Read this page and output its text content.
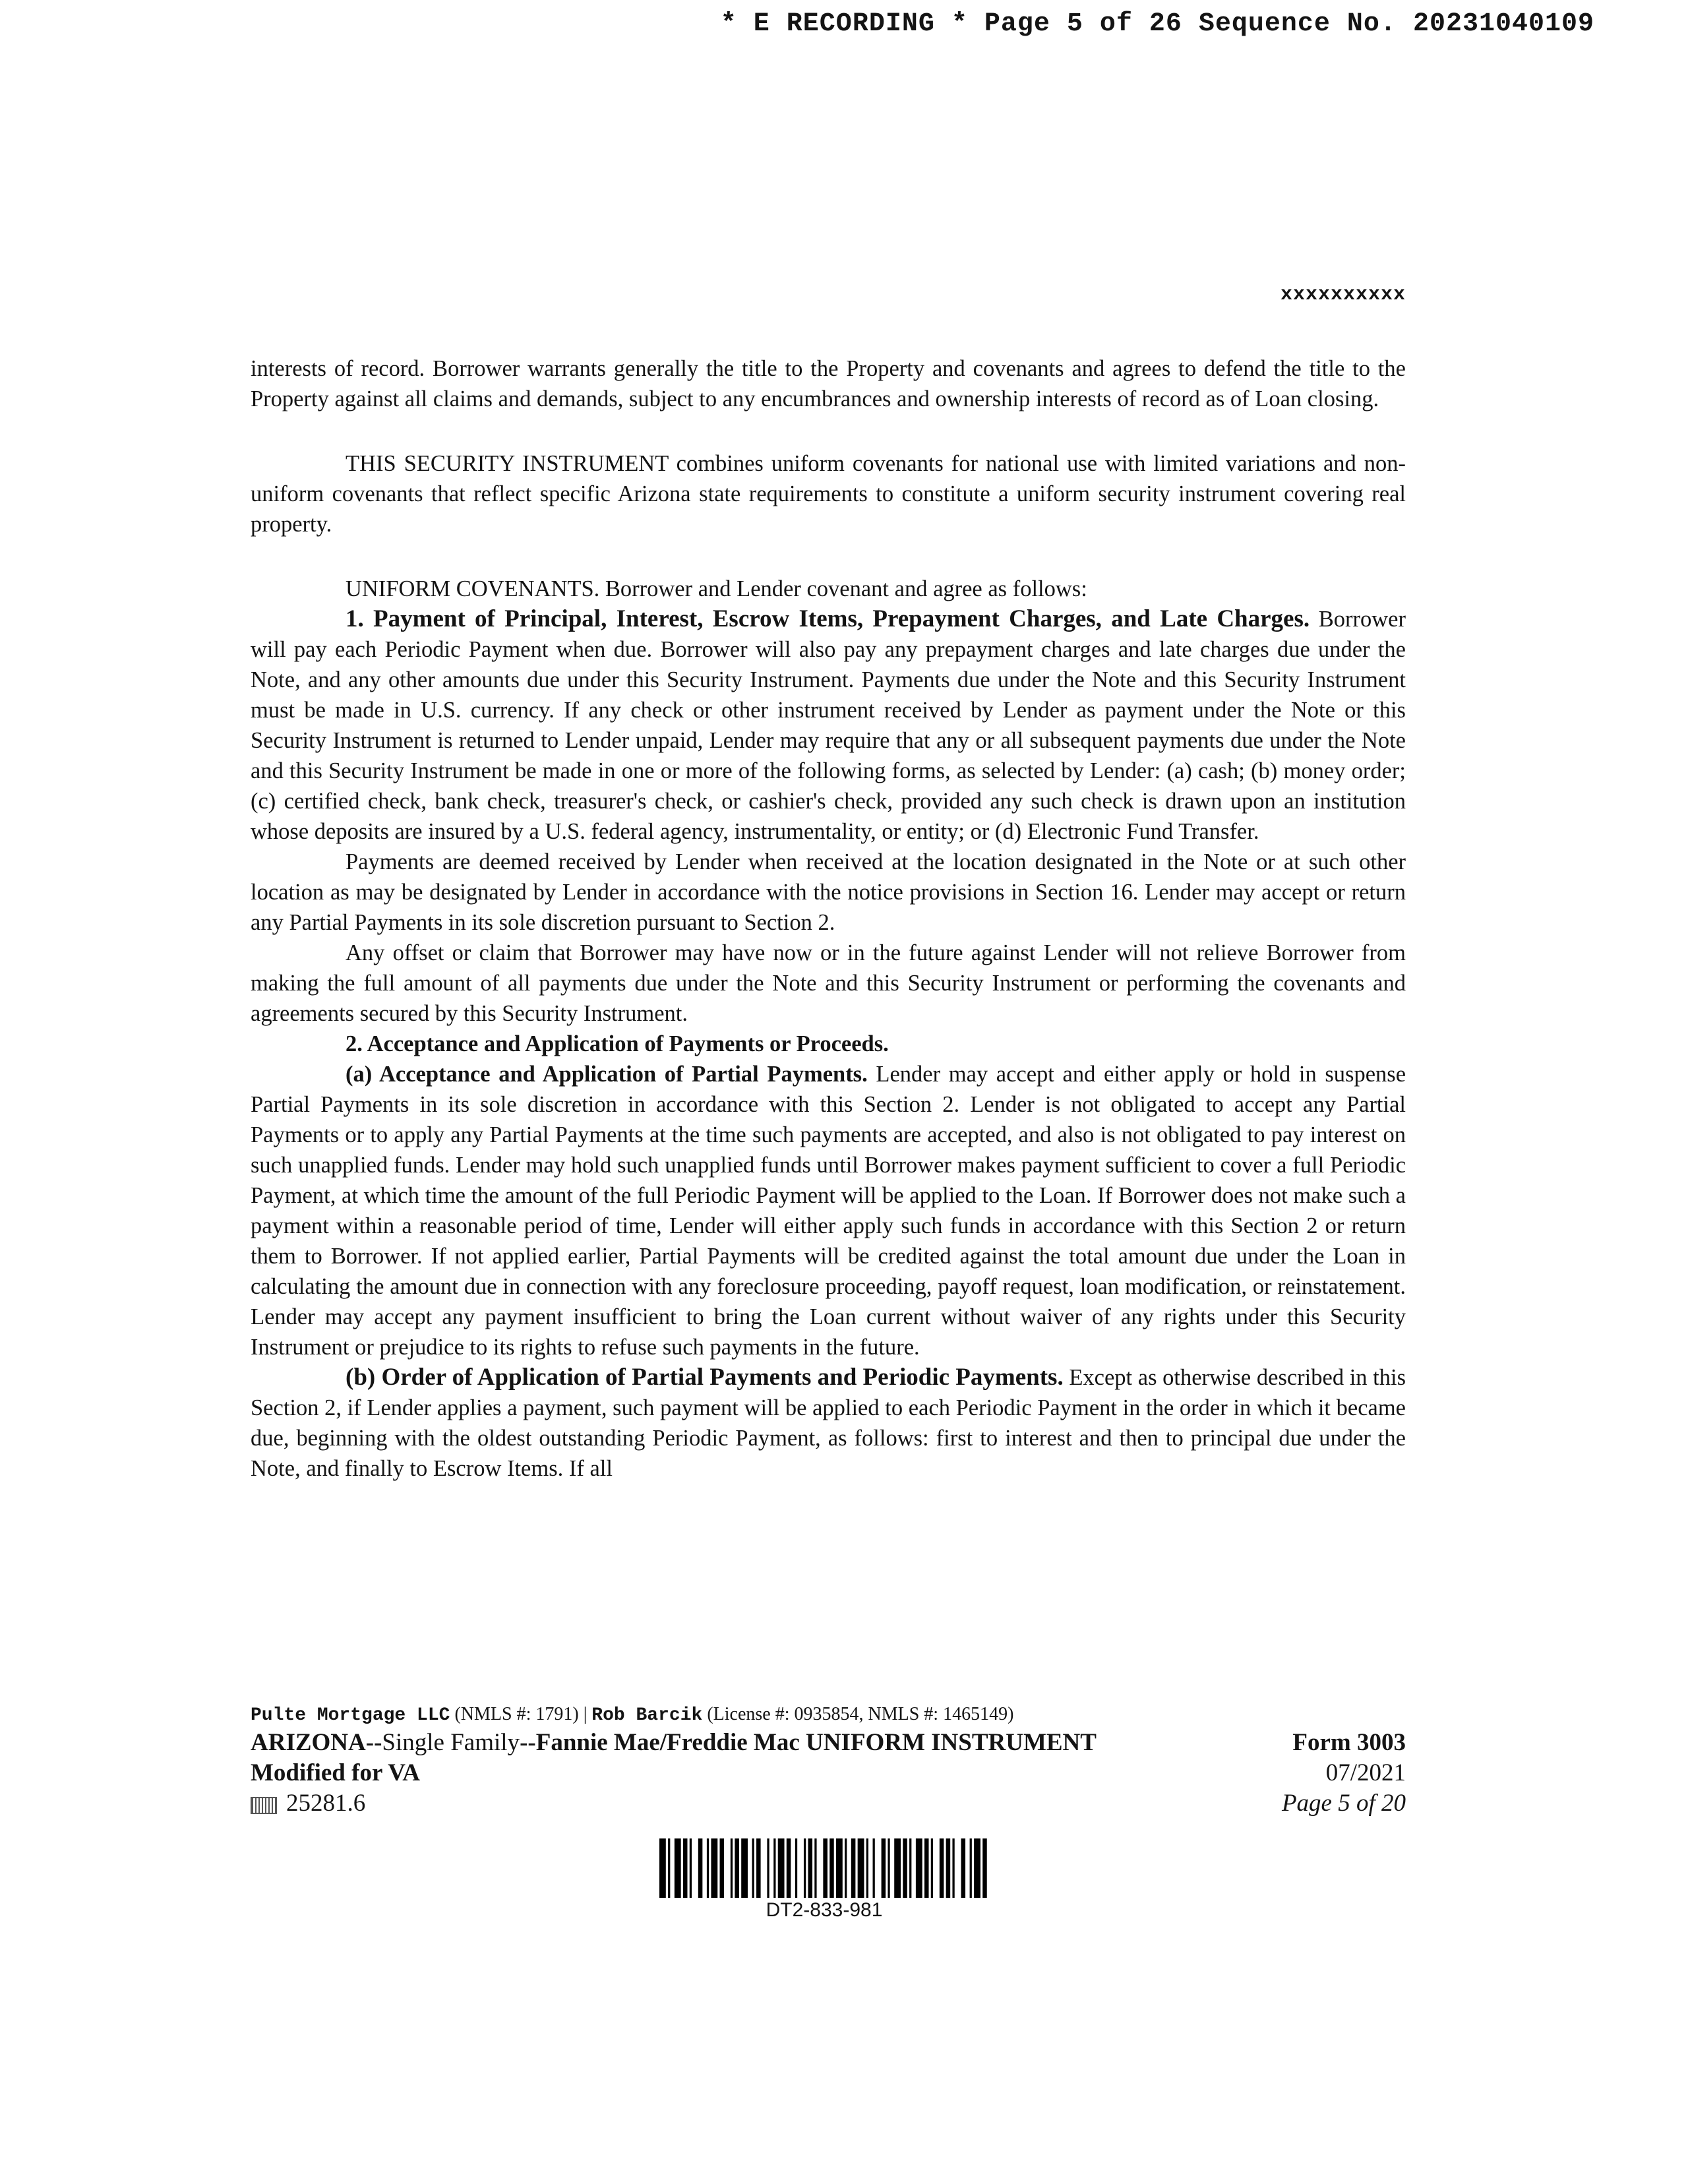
* E RECORDING * Page 5 of 26 Sequence No. 20231040109
xxxxxxxxxx

interests of record. Borrower warrants generally the title to the Property and covenants and agrees to defend the title to the Property against all claims and demands, subject to any encumbrances and ownership interests of record as of Loan closing.

THIS SECURITY INSTRUMENT combines uniform covenants for national use with limited variations and non-uniform covenants that reflect specific Arizona state requirements to constitute a uniform security instrument covering real property.

UNIFORM COVENANTS. Borrower and Lender covenant and agree as follows:

1. Payment of Principal, Interest, Escrow Items, Prepayment Charges, and Late Charges. Borrower will pay each Periodic Payment when due. Borrower will also pay any prepayment charges and late charges due under the Note, and any other amounts due under this Security Instrument. Payments due under the Note and this Security Instrument must be made in U.S. currency. If any check or other instrument received by Lender as payment under the Note or this Security Instrument is returned to Lender unpaid, Lender may require that any or all subsequent payments due under the Note and this Security Instrument be made in one or more of the following forms, as selected by Lender: (a) cash; (b) money order; (c) certified check, bank check, treasurer's check, or cashier's check, provided any such check is drawn upon an institution whose deposits are insured by a U.S. federal agency, instrumentality, or entity; or (d) Electronic Fund Transfer.

Payments are deemed received by Lender when received at the location designated in the Note or at such other location as may be designated by Lender in accordance with the notice provisions in Section 16. Lender may accept or return any Partial Payments in its sole discretion pursuant to Section 2.

Any offset or claim that Borrower may have now or in the future against Lender will not relieve Borrower from making the full amount of all payments due under the Note and this Security Instrument or performing the covenants and agreements secured by this Security Instrument.

2. Acceptance and Application of Payments or Proceeds.

(a) Acceptance and Application of Partial Payments. Lender may accept and either apply or hold in suspense Partial Payments in its sole discretion in accordance with this Section 2. Lender is not obligated to accept any Partial Payments or to apply any Partial Payments at the time such payments are accepted, and also is not obligated to pay interest on such unapplied funds. Lender may hold such unapplied funds until Borrower makes payment sufficient to cover a full Periodic Payment, at which time the amount of the full Periodic Payment will be applied to the Loan. If Borrower does not make such a payment within a reasonable period of time, Lender will either apply such funds in accordance with this Section 2 or return them to Borrower. If not applied earlier, Partial Payments will be credited against the total amount due under the Loan in calculating the amount due in connection with any foreclosure proceeding, payoff request, loan modification, or reinstatement. Lender may accept any payment insufficient to bring the Loan current without waiver of any rights under this Security Instrument or prejudice to its rights to refuse such payments in the future.

(b) Order of Application of Partial Payments and Periodic Payments. Except as otherwise described in this Section 2, if Lender applies a payment, such payment will be applied to each Periodic Payment in the order in which it became due, beginning with the oldest outstanding Periodic Payment, as follows: first to interest and then to principal due under the Note, and finally to Escrow Items. If all

Pulte Mortgage LLC (NMLS #: 1791) | Rob Barcik (License #: 0935854, NMLS #: 1465149)
ARIZONA--Single Family--Fannie Mae/Freddie Mac UNIFORM INSTRUMENT
Modified for VA
25281.6
Form 3003
07/2021
Page 5 of 20
DT2-833-981
